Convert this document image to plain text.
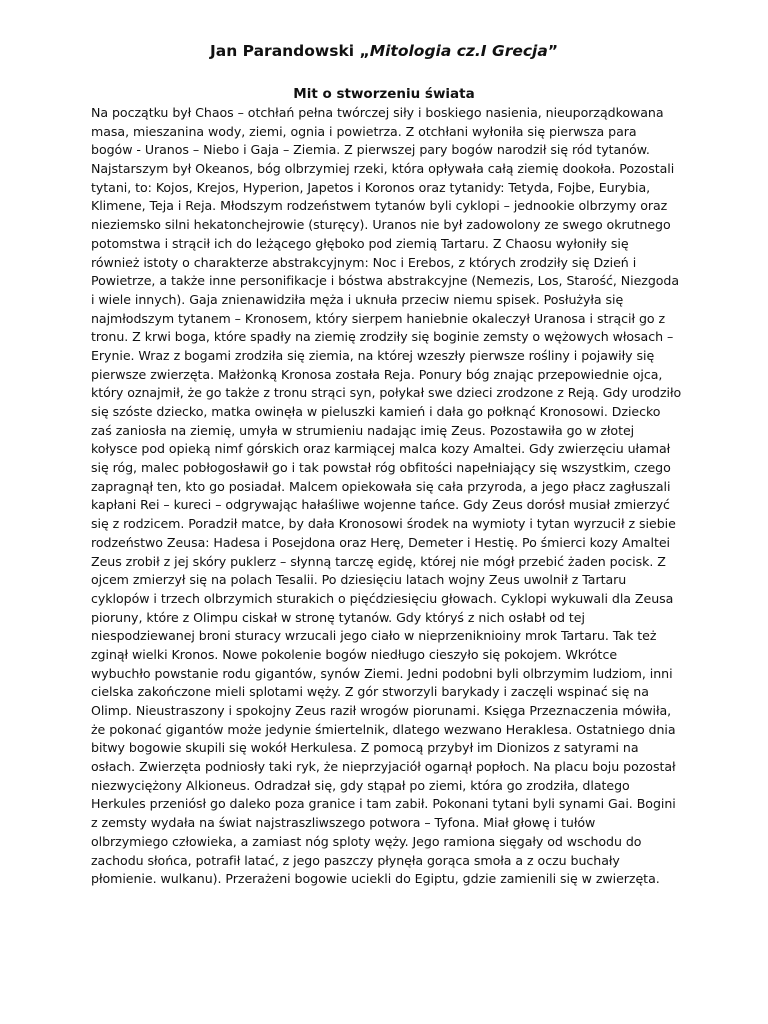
Jan Parandowski „Mitologia cz.I Grecja”
Mit o stworzeniu świata
Na początku był Chaos – otchłań pełna twórczej siły i boskiego nasienia, nieuporządkowana
masa, mieszanina wody, ziemi, ognia i powietrza. Z otchłani wyłoniła się pierwsza para
bogów - Uranos – Niebo i Gaja – Ziemia. Z pierwszej pary bogów narodził się ród tytanów.
Najstarszym był Okeanos, bóg olbrzymiej rzeki, która opływała całą ziemię dookoła. Pozostali
tytani, to: Kojos, Krejos, Hyperion, Japetos i Koronos oraz tytanidy: Tetyda, Fojbe, Eurybia,
Klimene, Teja i Reja. Młodszym rodzeństwem tytanów byli cyklopi – jednookie olbrzymy oraz
nieziemsko silni hekatonchejrowie (sturęcy). Uranos nie był zadowolony ze swego okrutnego
potomstwa i strącił ich do leżącego głęboko pod ziemią Tartaru. Z Chaosu wyłoniły się
również istoty o charakterze abstrakcyjnym: Noc i Erebos, z których zrodziły się Dzień i
Powietrze, a także inne personifikacje i bóstwa abstrakcyjne (Nemezis, Los, Starość, Niezgoda
i wiele innych). Gaja znienawidziła męża i uknuła przeciw niemu spisek. Posłużyła się
najmłodszym tytanem – Kronosem, który sierpem haniebnie okaleczył Uranosa i strącił go z
tronu. Z krwi boga, które spadły na ziemię zrodziły się boginie zemsty o wężowych włosach –
Erynie. Wraz z bogami zrodziła się ziemia, na której wzeszły pierwsze rośliny i pojawiły się
pierwsze zwierzęta. Małżonką Kronosa została Reja. Ponury bóg znając przepowiednie ojca,
który oznajmił, że go także z tronu strąci syn, połykał swe dzieci zrodzone z Reją. Gdy urodziło
się szóste dziecko, matka owinęła w pieluszki kamień i dała go połknąć Kronosowi. Dziecko
zaś zaniosła na ziemię, umyła w strumieniu nadając imię Zeus. Pozostawiła go w złotej
kołysce pod opieką nimf górskich oraz karmiącej malca kozy Amaltei. Gdy zwierzęciu ułamał
się róg, malec pobłogosławił go i tak powstał róg obfitości napełniający się wszystkim, czego
zapragnął ten, kto go posiadał. Malcem opiekowała się cała przyroda, a jego płacz zagłuszali
kapłani Rei – kureci – odgrywając hałaśliwe wojenne tańce. Gdy Zeus dorósł musiał zmierzyć
się z rodzicem. Poradził matce, by dała Kronosowi środek na wymioty i tytan wyrzucił z siebie
rodzeństwo Zeusa: Hadesa i Posejdona oraz Herę, Demeter i Hestię. Po śmierci kozy Amaltei
Zeus zrobił z jej skóry puklerz – słynną tarczę egidę, której nie mógł przebić żaden pocisk. Z
ojcem zmierzył się na polach Tesalii. Po dziesięciu latach wojny Zeus uwolnił z Tartaru
cyklopów i trzech olbrzymich sturakich o pięćdziesięciu głowach. Cyklopi wykuwali dla Zeusa
pioruny, które z Olimpu ciskał w stronę tytanów. Gdy któryś z nich osłabł od tej
niespodziewanej broni sturacy wrzucali jego ciało w nieprzeniknioiny mrok Tartaru. Tak też
zginął wielki Kronos. Nowe pokolenie bogów niedługo cieszyło się pokojem. Wkrótce
wybuchło powstanie rodu gigantów, synów Ziemi. Jedni podobni byli olbrzymim ludziom, inni
cielska zakończone mieli splotami węży. Z gór stworzyli barykady i zaczęli wspinać się na
Olimp. Nieustraszony i spokojny Zeus raził wrogów piorunami. Księga Przeznaczenia mówiła,
że pokonać gigantów może jedynie śmiertelnik, dlatego wezwano Heraklesa. Ostatniego dnia
bitwy bogowie skupili się wokół Herkulesa. Z pomocą przybył im Dionizos z satyrami na
osłach. Zwierzęta podniosły taki ryk, że nieprzyjaciół ogarnął popłoch. Na placu boju pozostał
niezwyciężony Alkioneus. Odradzał się, gdy stąpał po ziemi, która go zrodziła, dlatego
Herkules przeniósł go daleko poza granice i tam zabił. Pokonani tytani byli synami Gai. Bogini
z zemsty wydała na świat najstraszliwszego potwora – Tyfona. Miał głowę i tułów
olbrzymiego człowieka, a zamiast nóg sploty węży. Jego ramiona sięgały od wschodu do
zachodu słońca, potrafił latać, z jego paszczy płynęła gorąca smoła a z oczu buchały
płomienie. wulkanu). Przerażeni bogowie uciekli do Egiptu, gdzie zamienili się w zwierzęta.
